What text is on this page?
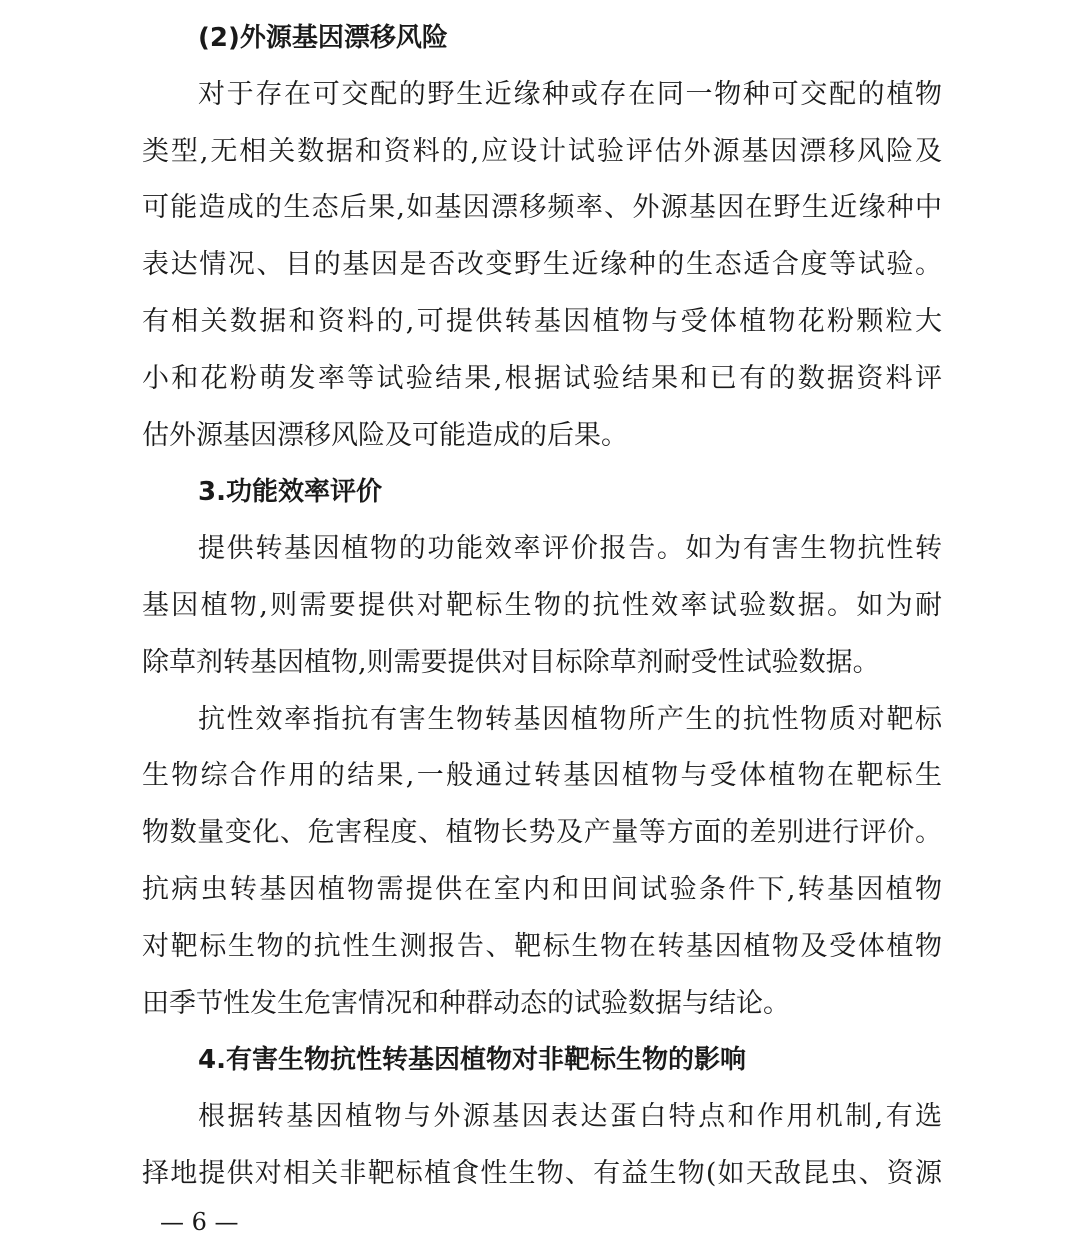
(2)外源基因漂移风险
对于存在可交配的野生近缘种或存在同一物种可交配的植物
类型,无相关数据和资料的,应设计试验评估外源基因漂移风险及
可能造成的生态后果,如基因漂移频率、外源基因在野生近缘种中
表达情况、目的基因是否改变野生近缘种的生态适合度等试验。
有相关数据和资料的,可提供转基因植物与受体植物花粉颗粒大
小和花粉萌发率等试验结果,根据试验结果和已有的数据资料评
估外源基因漂移风险及可能造成的后果。
3.功能效率评价
提供转基因植物的功能效率评价报告。如为有害生物抗性转
基因植物,则需要提供对靶标生物的抗性效率试验数据。如为耐
除草剂转基因植物,则需要提供对目标除草剂耐受性试验数据。
抗性效率指抗有害生物转基因植物所产生的抗性物质对靶标
生物综合作用的结果,一般通过转基因植物与受体植物在靶标生
物数量变化、危害程度、植物长势及产量等方面的差别进行评价。
抗病虫转基因植物需提供在室内和田间试验条件下,转基因植物
对靶标生物的抗性生测报告、靶标生物在转基因植物及受体植物
田季节性发生危害情况和种群动态的试验数据与结论。
4.有害生物抗性转基因植物对非靶标生物的影响
根据转基因植物与外源基因表达蛋白特点和作用机制,有选
择地提供对相关非靶标植食性生物、有益生物(如天敌昆虫、资源
— 6 —
